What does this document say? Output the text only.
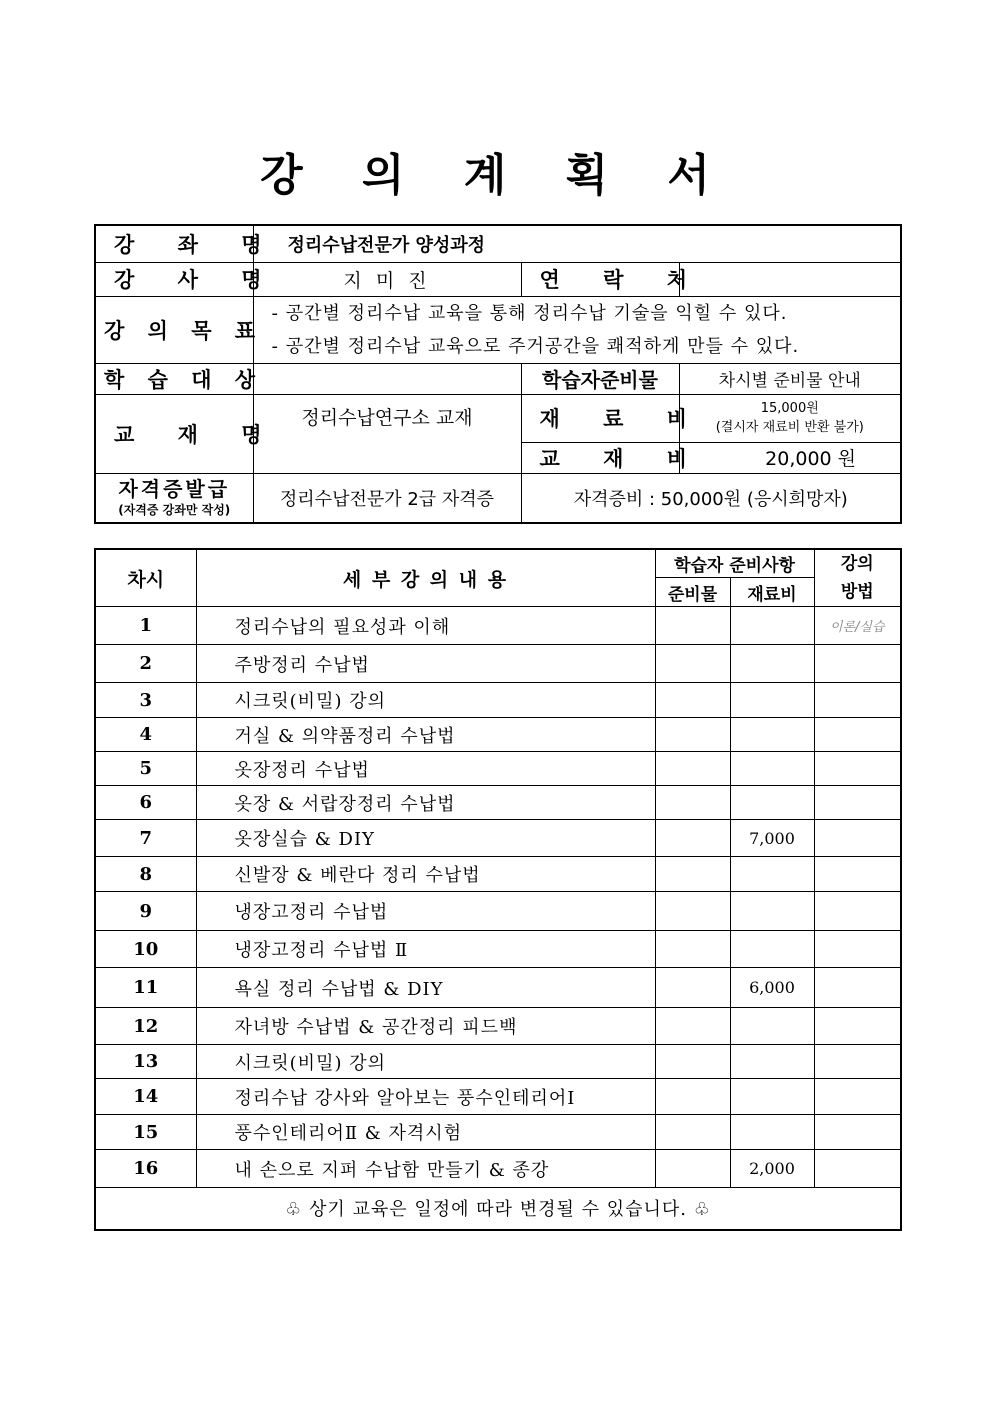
강 의 계 획 서
강 좌 명	정리수납전문가 양성과정		
강 사 명	지 미 진	연 락 처	
강 의 목 표	- 공간별 정리수납 교육을 통해 정리수납 기술을 익힐 수 있다.
- 공간별 정리수납 교육으로 주거공간을 쾌적하게 만들 수 있다.		

학 습 대 상		학습자준비물	차시별 준비물 안내
교 재 명	정리수납연구소 교재	재 료 비	15,000원
(결시자 재료비 반환 불가)

		교 재 비	20,000 원

자격증발급
(자격증 강좌만 작성)	정리수납전문가 2급 자격증	자격증비 : 50,000원 (응시희망자)	
차시	세 부 강 의 내 용	학습자 준비사항		강의
방법

		준비물	재료비	
1	정리수납의 필요성과 이해			이론/실습
2	주방정리 수납법			
3	시크릿(비밀) 강의			
4	거실 & 의약품정리 수납법			
5	옷장정리 수납법			
6	옷장 & 서랍장정리 수납법			
7	옷장실습 & DIY		7,000	
8	신발장 & 베란다 정리 수납법			
9	냉장고정리 수납법			
10	냉장고정리 수납법 Ⅱ			
11	욕실 정리 수납법 & DIY		6,000	
12	자녀방 수납법 & 공간정리 피드백			
13	시크릿(비밀) 강의			
14	정리수납 강사와 알아보는 풍수인테리어Ⅰ			
15	풍수인테리어Ⅱ & 자격시험			
16	내 손으로 지퍼 수납함 만들기 & 종강		2,000	
♧ 상기 교육은 일정에 따라 변경될 수 있습니다. ♧				
